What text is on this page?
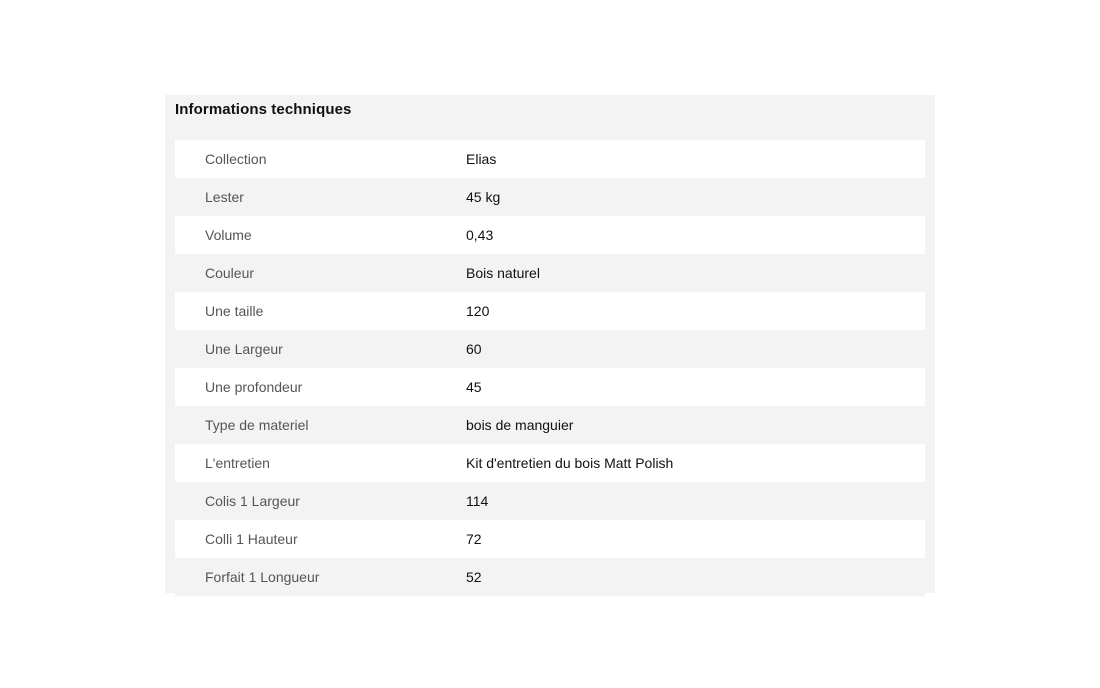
Informations techniques
Collection	Elias
Lester	45 kg
Volume	0,43
Couleur	Bois naturel
Une taille	120
Une Largeur	60
Une profondeur	45
Type de materiel	bois de manguier
L'entretien	Kit d'entretien du bois Matt Polish
Colis 1 Largeur	114
Colli 1 Hauteur	72
Forfait 1 Longueur	52
